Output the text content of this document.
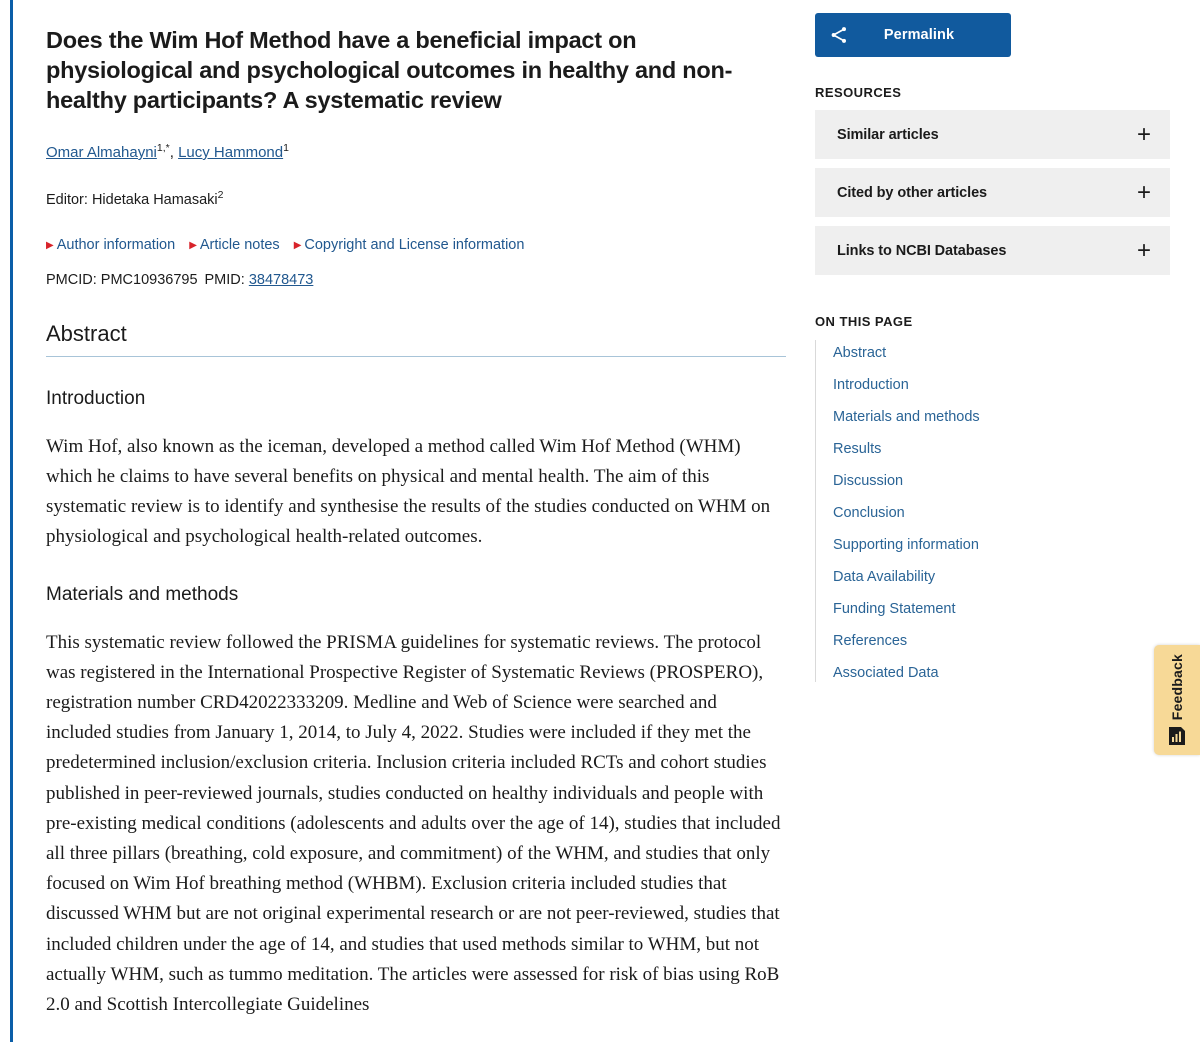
Does the Wim Hof Method have a beneficial impact on physiological and psychological outcomes in healthy and non-healthy participants? A systematic review
Omar Almahayni$^{1,*}$, Lucy Hammond$^1$
Editor: Hidetaka Hamasaki$^2$
▶ Author information ▶ Article notes ▶ Copyright and License information
PMCID: PMC10936795 PMID: 38478473
Abstract
Introduction

Wim Hof, also known as the iceman, developed a method called Wim Hof Method (WHM) which he claims to have several benefits on physical and mental health. The aim of this systematic review is to identify and synthesise the results of the studies conducted on WHM on physiological and psychological health-related outcomes.

Materials and methods

This systematic review followed the PRISMA guidelines for systematic reviews. The protocol was registered in the International Prospective Register of Systematic Reviews (PROSPERO), registration number CRD42022333209. Medline and Web of Science were searched and included studies from January 1, 2014, to July 4, 2022. Studies were included if they met the predetermined inclusion/exclusion criteria. Inclusion criteria included RCTs and cohort studies published in peer-reviewed journals, studies conducted on healthy individuals and people with pre-existing medical conditions (adolescents and adults over the age of 14), studies that included all three pillars (breathing, cold exposure, and commitment) of the WHM, and studies that only focused on Wim Hof breathing method (WHBM). Exclusion criteria included studies that discussed WHM but are not original experimental research or are not peer-reviewed, studies that included children under the age of 14, and studies that used methods similar to WHM, but not actually WHM, such as tummo meditation. The articles were assessed for risk of bias using RoB 2.0 and Scottish Intercollegiate Guidelines

Permalink
RESOURCES
Similar articles	+
Cited by other articles	+
Links to NCBI Databases	+
ON THIS PAGE
Abstract
Introduction
Materials and methods
Results
Discussion
Conclusion
Supporting information
Data Availability
Funding Statement
References
Associated Data	Feedback
